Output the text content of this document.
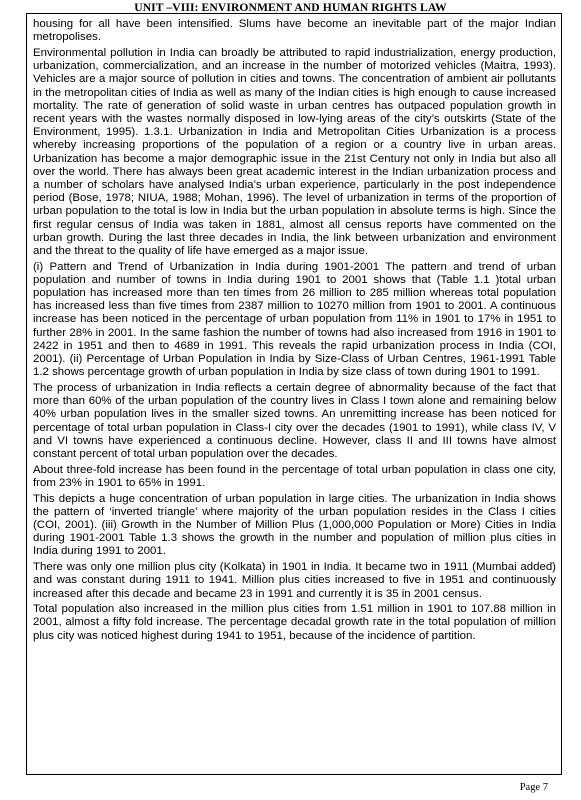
UNIT –VIII: ENVIRONMENT AND HUMAN RIGHTS LAW

housing for all have been intensified. Slums have become an inevitable part of the major Indian metropolises.

Environmental pollution in India can broadly be attributed to rapid industrialization, energy production, urbanization, commercialization, and an increase in the number of motorized vehicles (Maitra, 1993). Vehicles are a major source of pollution in cities and towns. The concentration of ambient air pollutants in the metropolitan cities of India as well as many of the Indian cities is high enough to cause increased mortality. The rate of generation of solid waste in urban centres has outpaced population growth in recent years with the wastes normally disposed in low-lying areas of the city’s outskirts (State of the Environment, 1995). 1.3.1. Urbanization in India and Metropolitan Cities Urbanization is a process whereby increasing proportions of the population of a region or a country live in urban areas. Urbanization has become a major demographic issue in the 21st Century not only in India but also all over the world. There has always been great academic interest in the Indian urbanization process and a number of scholars have analysed India’s urban experience, particularly in the post independence period (Bose, 1978; NIUA, 1988; Mohan, 1996). The level of urbanization in terms of the proportion of urban population to the total is low in India but the urban population in absolute terms is high. Since the first regular census of India was taken in 1881, almost all census reports have commented on the urban growth. During the last three decades in India, the link between urbanization and environment and the threat to the quality of life have emerged as a major issue.

(i) Pattern and Trend of Urbanization in India during 1901-2001 The pattern and trend of urban population and number of towns in India during 1901 to 2001 shows that (Table 1.1 )total urban population has increased more than ten times from 26 million to 285 million whereas total population has increased less than five times from 2387 million to 10270 million from 1901 to 2001. A continuous increase has been noticed in the percentage of urban population from 11% in 1901 to 17% in 1951 to further 28% in 2001. In the same fashion the number of towns had also increased from 1916 in 1901 to 2422 in 1951 and then to 4689 in 1991. This reveals the rapid urbanization process in India (COI, 2001). (ii) Percentage of Urban Population in India by Size-Class of Urban Centres, 1961-1991 Table 1.2 shows percentage growth of urban population in India by size class of town during 1901 to 1991.

The process of urbanization in India reflects a certain degree of abnormality because of the fact that more than 60% of the urban population of the country lives in Class I town alone and remaining below 40% urban population lives in the smaller sized towns. An unremitting increase has been noticed for percentage of total urban population in Class-I city over the decades (1901 to 1991), while class IV, V and VI towns have experienced a continuous decline. However, class II and III towns have almost constant percent of total urban population over the decades.

About three-fold increase has been found in the percentage of total urban population in class one city, from 23% in 1901 to 65% in 1991.

This depicts a huge concentration of urban population in large cities. The urbanization in India shows the pattern of ‘inverted triangle’ where majority of the urban population resides in the Class I cities (COI, 2001). (iii) Growth in the Number of Million Plus (1,000,000 Population or More) Cities in India during 1901-2001 Table 1.3 shows the growth in the number and population of million plus cities in India during 1991 to 2001.

There was only one million plus city (Kolkata) in 1901 in India. It became two in 1911 (Mumbai added) and was constant during 1911 to 1941. Million plus cities increased to five in 1951 and continuously increased after this decade and became 23 in 1991 and currently it is 35 in 2001 census.

Total population also increased in the million plus cities from 1.51 million in 1901 to 107.88 million in 2001, almost a fifty fold increase. The percentage decadal growth rate in the total population of million plus city was noticed highest during 1941 to 1951, because of the incidence of partition.

Page 7
